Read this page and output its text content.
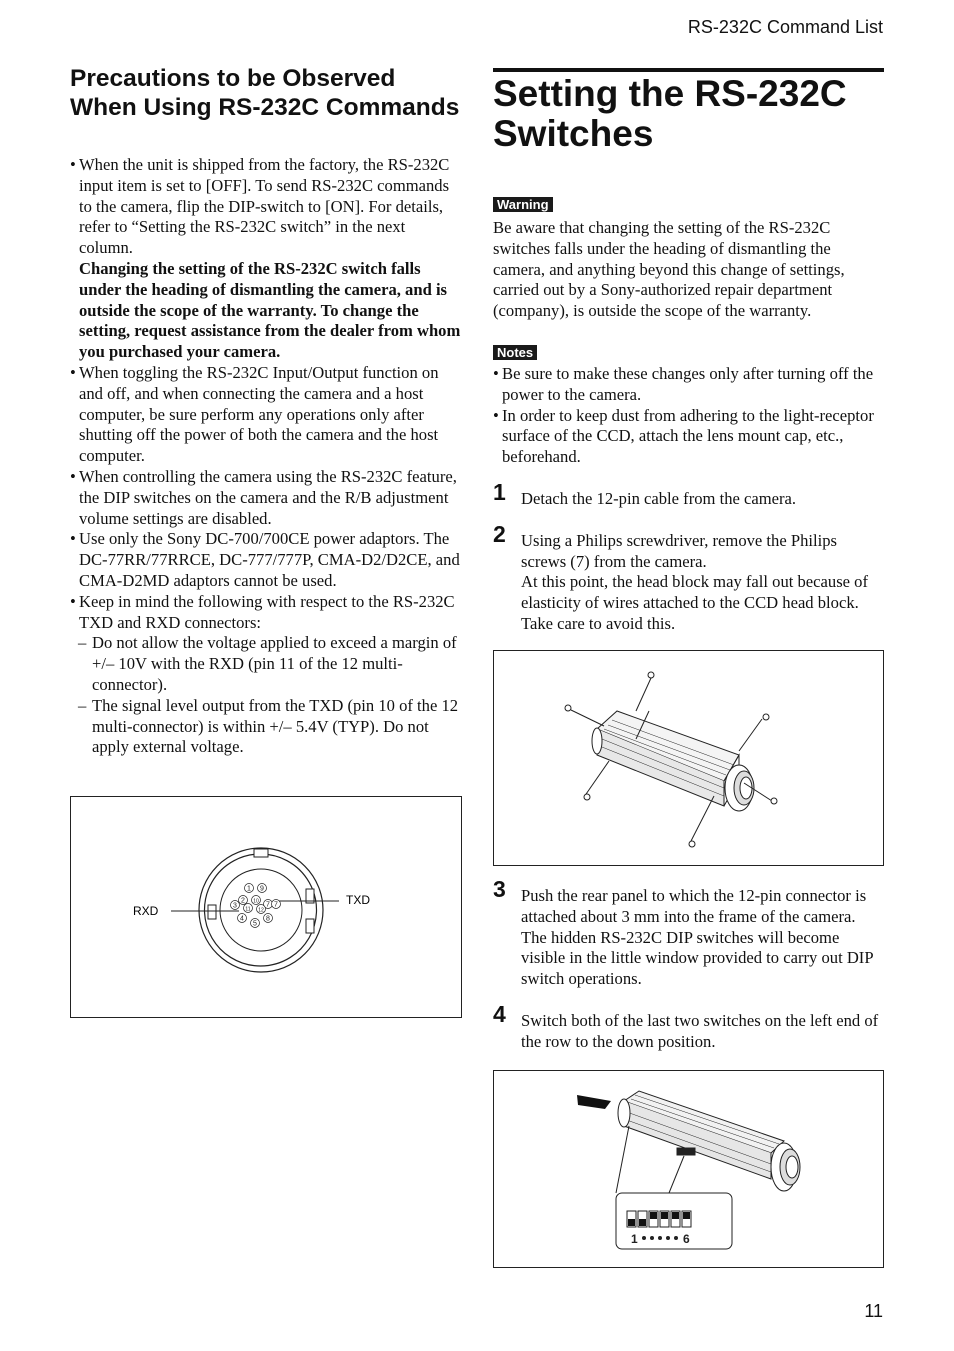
RS-232C Command List
Precautions to be Observed When Using RS-232C Commands
• When the unit is shipped from the factory, the RS-232C input item is set to [OFF]. To send RS-232C commands to the camera, flip the DIP-switch to [ON]. For details, refer to “Setting the RS-232C switch” in the next column.
Changing the setting of the RS-232C switch falls under the heading of dismantling the camera, and is outside the scope of the warranty. To change the setting, request assistance from the dealer from whom you purchased your camera.
• When toggling the RS-232C Input/Output function on and off, and when connecting the camera and a host computer, be sure perform any operations only after shutting off the power of both the camera and the host computer.
• When controlling the camera using the RS-232C feature, the DIP switches on the camera and the R/B adjustment volume settings are disabled.
• Use only the Sony DC-700/700CE power adaptors. The DC-77RR/77RRCE, DC-777/777P, CMA-D2/D2CE, and CMA-D2MD adaptors cannot be used.
• Keep in mind the following with respect to the RS-232C TXD and RXD connectors:
– Do not allow the voltage applied to exceed a margin of +/– 10V with the RXD (pin 11 of the 12 multi-connector).
– The signal level output from the TXD (pin 10 of the 12 multi-connector) is within +/– 5.4V (TYP). Do not apply external voltage.
1 9
2 10 7
3 11 12
7
4	8
5
RXD
TXD
Setting the RS-232C Switches
Warning
Be aware that changing the setting of the RS-232C switches falls under the heading of dismantling the camera, and anything beyond this change of settings, carried out by a Sony-authorized repair department (company), is outside the scope of the warranty.
Notes
• Be sure to make these changes only after turning off the power to the camera.
• In order to keep dust from adhering to the light-receptor surface of the CCD, attach the lens mount cap, etc., beforehand.
1 Detach the 12-pin cable from the camera.
2 Using a Philips screwdriver, remove the Philips screws (7) from the camera.
At this point, the head block may fall out because of elasticity of wires attached to the CCD head block. Take care to avoid this.
3 Push the rear panel to which the 12-pin connector is attached about 3 mm into the frame of the camera. The hidden RS-232C DIP switches will become visible in the little window provided to carry out DIP switch operations.
4 Switch both of the last two switches on the left end of the row to the down position.
1	6
11
